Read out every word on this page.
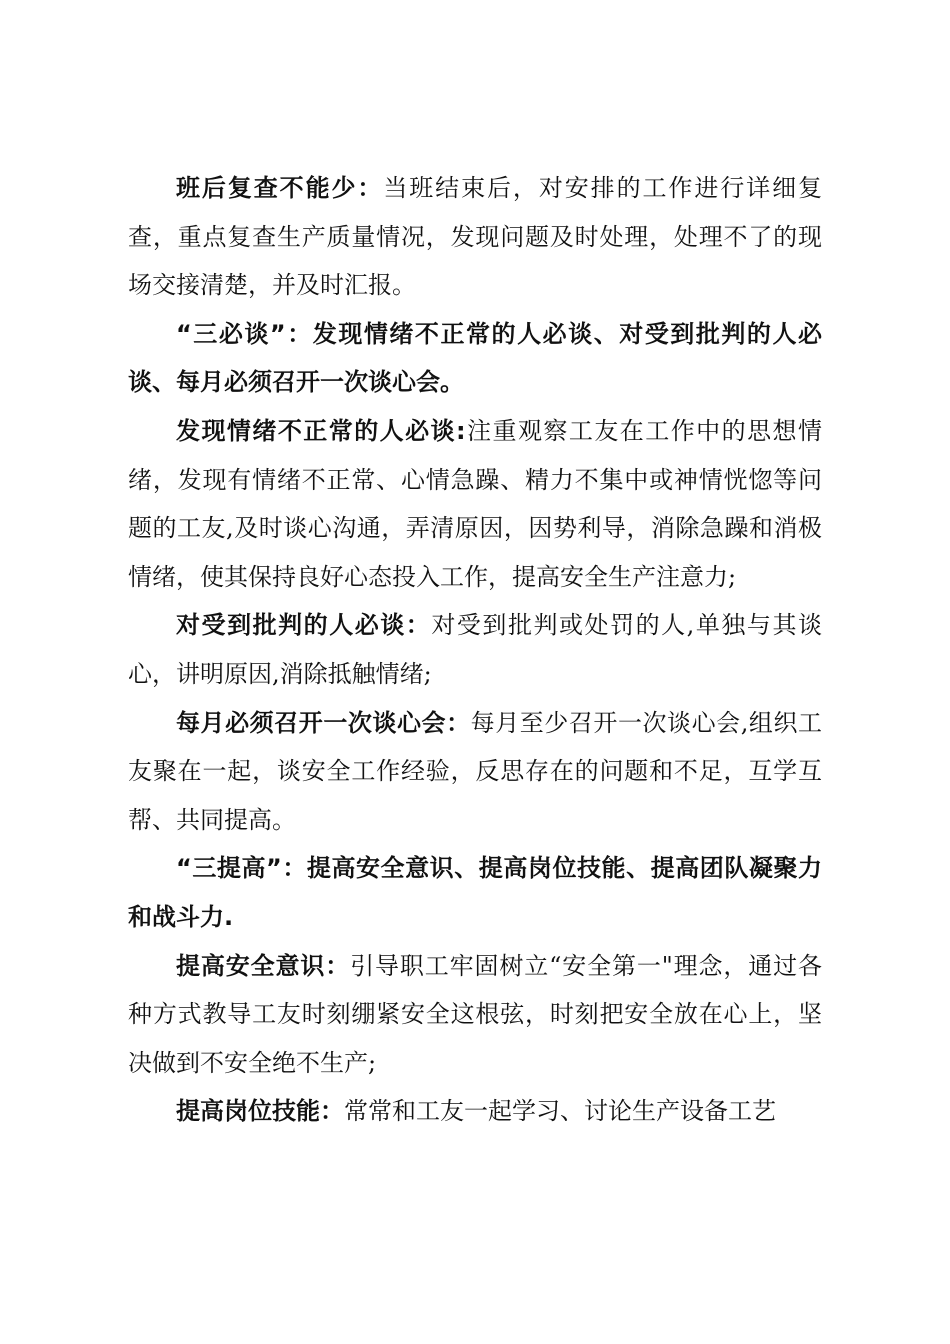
班后复查不能少：当班结束后，对安排的工作进行详细复查，重点复查生产质量情况，发现问题及时处理，处理不了的现场交接清楚，并及时汇报。

“三必谈”：发现情绪不正常的人必谈、对受到批判的人必谈、每月必须召开一次谈心会。

发现情绪不正常的人必谈:注重观察工友在工作中的思想情绪，发现有情绪不正常、心情急躁、精力不集中或神情恍惚等问题的工友,及时谈心沟通，弄清原因，因势利导，消除急躁和消极情绪，使其保持良好心态投入工作，提高安全生产注意力;

对受到批判的人必谈：对受到批判或处罚的人,单独与其谈心，讲明原因,消除抵触情绪;

每月必须召开一次谈心会：每月至少召开一次谈心会,组织工友聚在一起，谈安全工作经验，反思存在的问题和不足，互学互帮、共同提高。

“三提高”：提高安全意识、提高岗位技能、提高团队凝聚力和战斗力.

提高安全意识：引导职工牢固树立“安全第一"理念，通过各种方式教导工友时刻绷紧安全这根弦，时刻把安全放在心上，坚决做到不安全绝不生产;

提高岗位技能：常常和工友一起学习、讨论生产设备工艺
